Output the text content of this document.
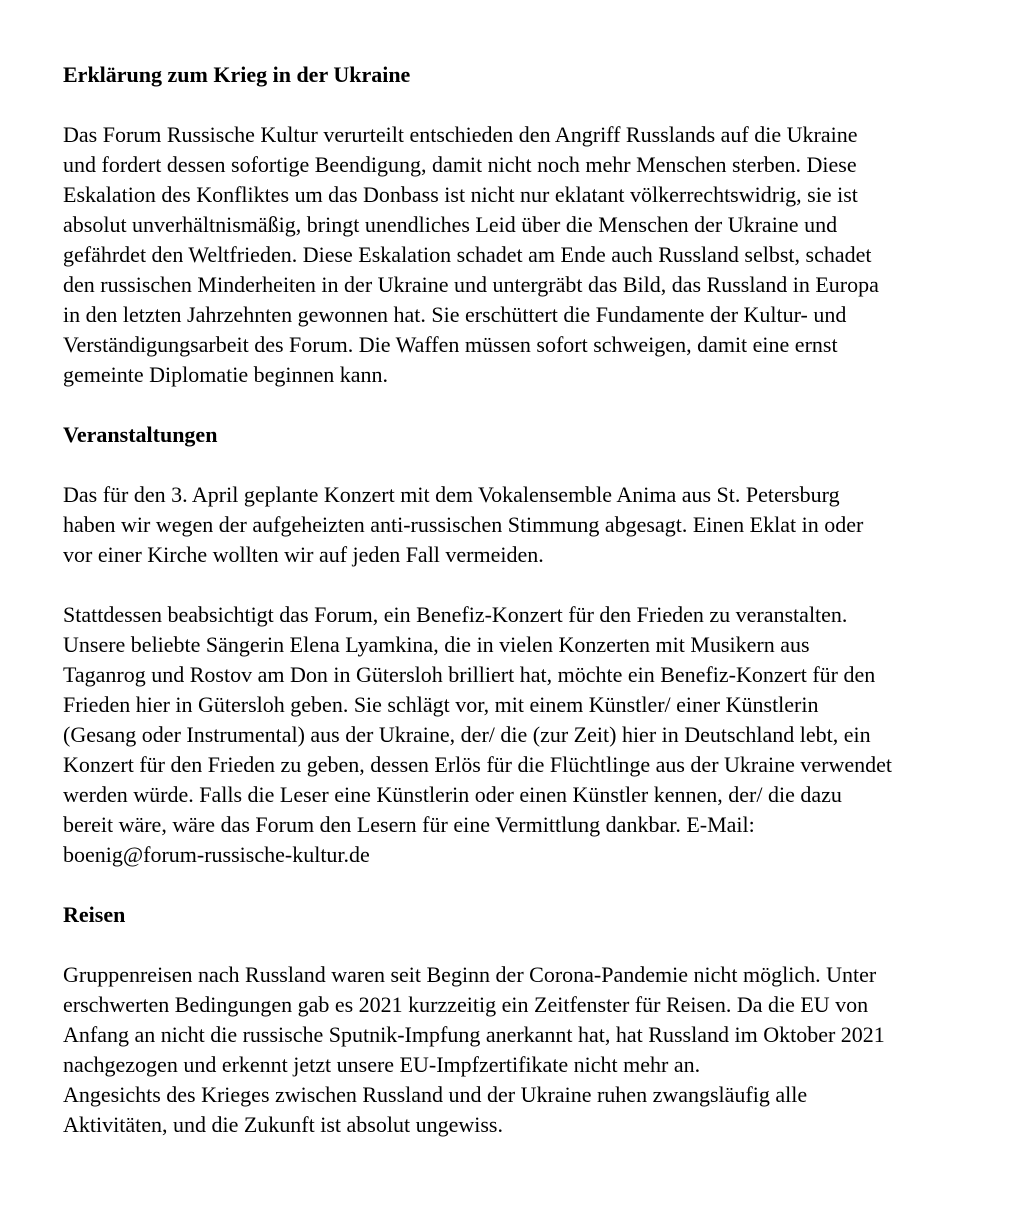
Erklärung zum Krieg in der Ukraine

Das Forum Russische Kultur verurteilt entschieden den Angriff Russlands auf die Ukraine
und fordert dessen sofortige Beendigung, damit nicht noch mehr Menschen sterben. Diese
Eskalation des Konfliktes um das Donbass ist nicht nur eklatant völkerrechtswidrig, sie ist
absolut unverhältnismäßig, bringt unendliches Leid über die Menschen der Ukraine und
gefährdet den Weltfrieden. Diese Eskalation schadet am Ende auch Russland selbst, schadet
den russischen Minderheiten in der Ukraine und untergräbt das Bild, das Russland in Europa
in den letzten Jahrzehnten gewonnen hat. Sie erschüttert die Fundamente der Kultur- und
Verständigungsarbeit des Forum. Die Waffen müssen sofort schweigen, damit eine ernst
gemeinte Diplomatie beginnen kann.

Veranstaltungen

Das für den 3. April geplante Konzert mit dem Vokalensemble Anima aus St. Petersburg
haben wir wegen der aufgeheizten anti-russischen Stimmung abgesagt. Einen Eklat in oder
vor einer Kirche wollten wir auf jeden Fall vermeiden.

Stattdessen beabsichtigt das Forum, ein Benefiz-Konzert für den Frieden zu veranstalten.
Unsere beliebte Sängerin Elena Lyamkina, die in vielen Konzerten mit Musikern aus
Taganrog und Rostov am Don in Gütersloh brilliert hat, möchte ein Benefiz-Konzert für den
Frieden hier in Gütersloh geben. Sie schlägt vor, mit einem Künstler/ einer Künstlerin
(Gesang oder Instrumental) aus der Ukraine, der/ die (zur Zeit) hier in Deutschland lebt, ein
Konzert für den Frieden zu geben, dessen Erlös für die Flüchtlinge aus der Ukraine verwendet
werden würde. Falls die Leser eine Künstlerin oder einen Künstler kennen, der/ die dazu
bereit wäre, wäre das Forum den Lesern für eine Vermittlung dankbar. E-Mail:
boenig@forum-russische-kultur.de

Reisen

Gruppenreisen nach Russland waren seit Beginn der Corona-Pandemie nicht möglich. Unter
erschwerten Bedingungen gab es 2021 kurzzeitig ein Zeitfenster für Reisen. Da die EU von
Anfang an nicht die russische Sputnik-Impfung anerkannt hat, hat Russland im Oktober 2021
nachgezogen und erkennt jetzt unsere EU-Impfzertifikate nicht mehr an.
Angesichts des Krieges zwischen Russland und der Ukraine ruhen zwangsläufig alle
Aktivitäten, und die Zukunft ist absolut ungewiss.
